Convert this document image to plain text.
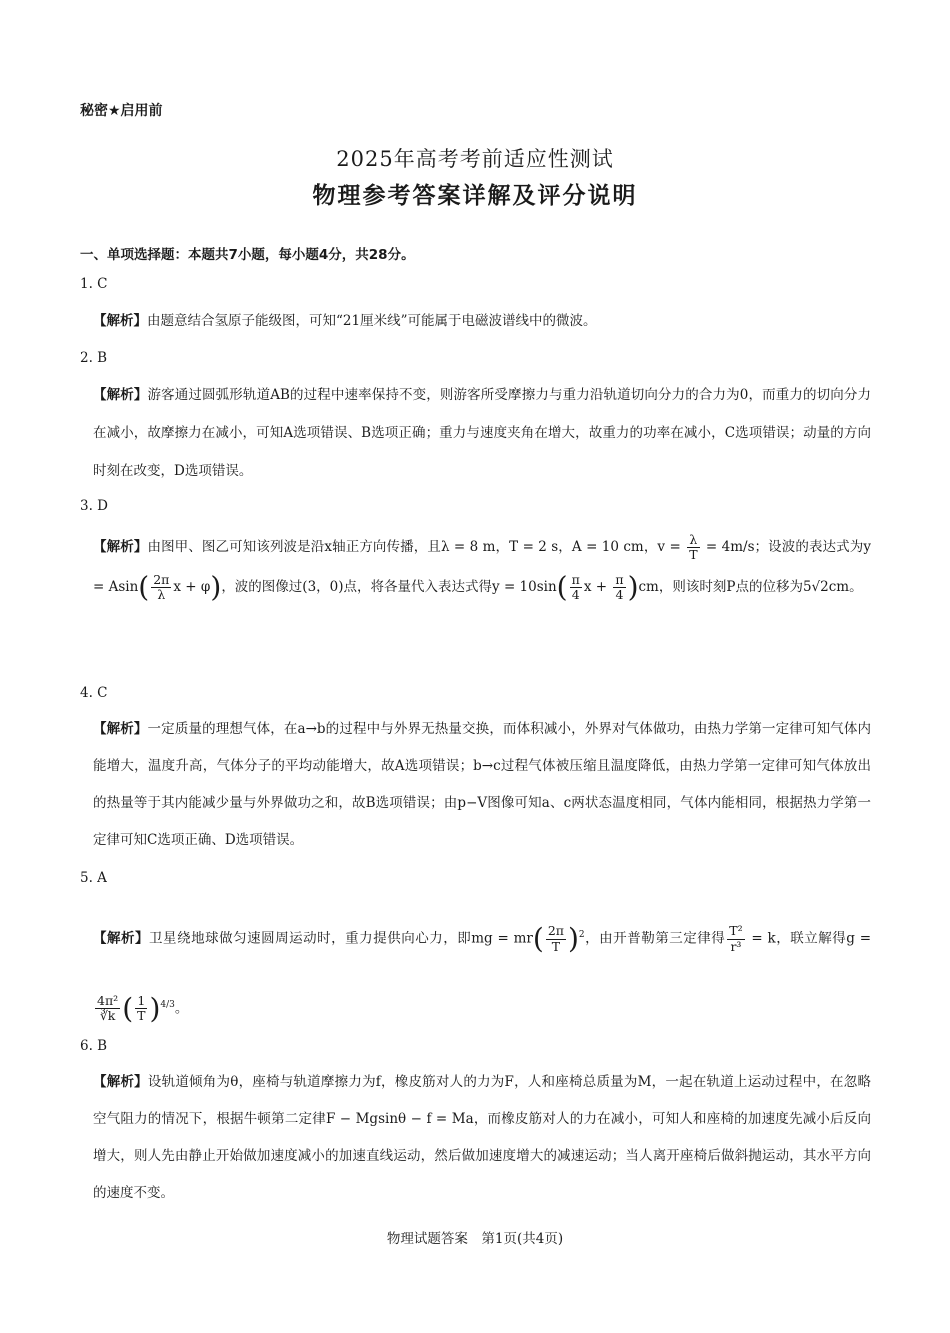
秘密★启用前
2025年高考考前适应性测试
物理参考答案详解及评分说明
一、单项选择题：本题共7小题，每小题4分，共28分。
1. C
【解析】由题意结合氢原子能级图，可知“21厘米线”可能属于电磁波谱线中的微波。
2. B
【解析】游客通过圆弧形轨道AB的过程中速率保持不变，则游客所受摩擦力与重力沿轨道切向分力的合力为0，而重力的切向分力在减小，故摩擦力在减小，可知A选项错误、B选项正确；重力与速度夹角在增大，故重力的功率在减小，C选项错误；动量的方向时刻在改变，D选项错误。
3. D
【解析】由图甲、图乙可知该列波是沿x轴正方向传播，且λ = 8 m，T = 2 s，A = 10 cm，$v = \frac{\lambda}{T} = 4m/s$；设波的表达式为$y = Asin( \frac{2\pi}{\lambda}$ x + φ)，波的图像过(3，0)点，将各量代入表达式得$y = 10\sin( \frac{\pi}{4}$ $x + \frac{\pi}{4} )cm$，则该时刻P点的位移为5√2cm。
4. C
【解析】一定质量的理想气体，在a→b的过程中与外界无热量交换，而体积减小，外界对气体做功，由热力学第一定律可知气体内能增大，温度升高，气体分子的平均动能增大，故A选项错误；b→c过程气体被压缩且温度降低，由热力学第一定律可知气体放出的热量等于其内能减少量与外界做功之和，故B选项错误；由p−V图像可知a、c两状态温度相同，气体内能相同，根据热力学第一定律可知C选项正确、D选项错误。
5. A
【解析】卫星绕地球做匀速圆周运动时，重力提供向心力，即mg = $mr( \frac{2\pi}{T} )^2$，由开普勒第三定律得 $\frac{\text{T²}}{\text{r³}} = k$，联立解得g =
$\frac{\text{4π²}}{∛k}$ ( $\frac{1}{T} )^{4/3}$。
6. B
【解析】设轨道倾角为θ，座椅与轨道摩擦力为f，橡皮筋对人的力为F，人和座椅总质量为M，一起在轨道上运动过程中，在忽略空气阻力的情况下，根据牛顿第二定律F − Mgsinθ − f = Ma，而橡皮筋对人的力在减小，可知人和座椅的加速度先减小后反向增大，则人先由静止开始做加速度减小的加速直线运动，然后做加速度增大的减速运动；当人离开座椅后做斜抛运动，其水平方向的速度不变。
物理试题答案　第1页(共4页)
